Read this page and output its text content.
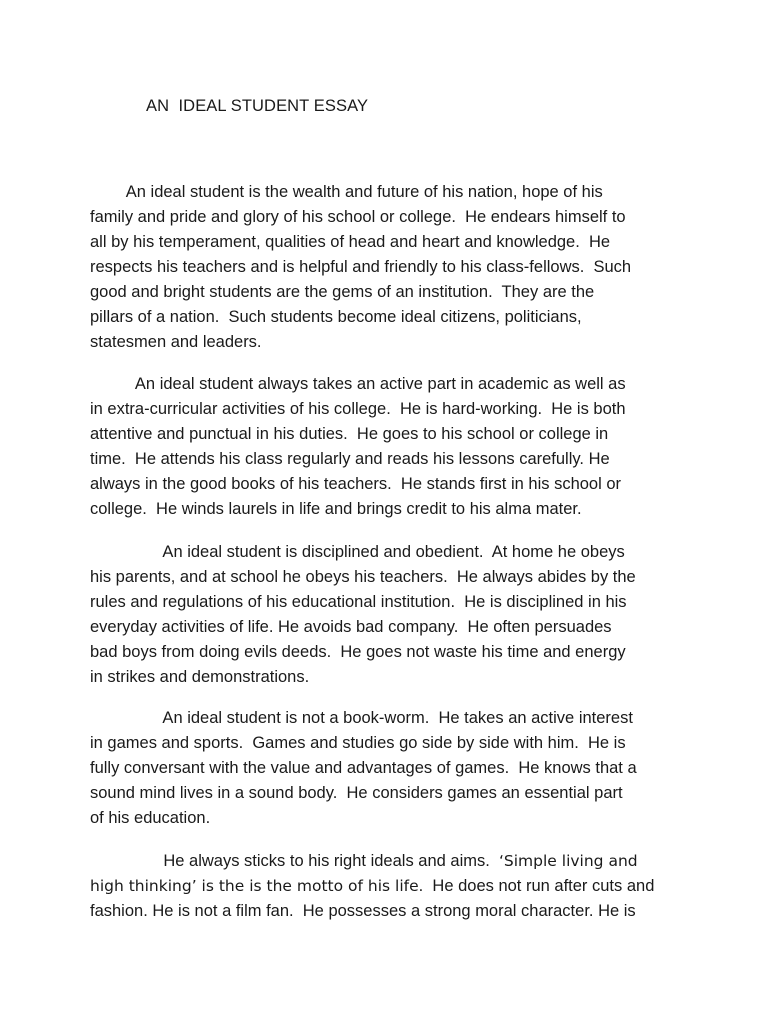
AN  IDEAL STUDENT ESSAY
An ideal student is the wealth and future of his nation, hope of his
family and pride and glory of his school or college.  He endears himself to
all by his temperament, qualities of head and heart and knowledge.  He
respects his teachers and is helpful and friendly to his class-fellows.  Such
good and bright students are the gems of an institution.  They are the
pillars of a nation.  Such students become ideal citizens, politicians,
statesmen and leaders.
An ideal student always takes an active part in academic as well as
in extra-curricular activities of his college.  He is hard-working.  He is both
attentive and punctual in his duties.  He goes to his school or college in
time.  He attends his class regularly and reads his lessons carefully. He
always in the good books of his teachers.  He stands first in his school or
college.  He winds laurels in life and brings credit to his alma mater.
An ideal student is disciplined and obedient.  At home he obeys
his parents, and at school he obeys his teachers.  He always abides by the
rules and regulations of his educational institution.  He is disciplined in his
everyday activities of life. He avoids bad company.  He often persuades
bad boys from doing evils deeds.  He goes not waste his time and energy
in strikes and demonstrations.
An ideal student is not a book-worm.  He takes an active interest
in games and sports.  Games and studies go side by side with him.  He is
fully conversant with the value and advantages of games.  He knows that a
sound mind lives in a sound body.  He considers games an essential part
of his education.
He always sticks to his right ideals and aims.  ‘Simple living and
high thinking’ is the is the motto of his life.  He does not run after cuts and
fashion. He is not a film fan.  He possesses a strong moral character. He is
